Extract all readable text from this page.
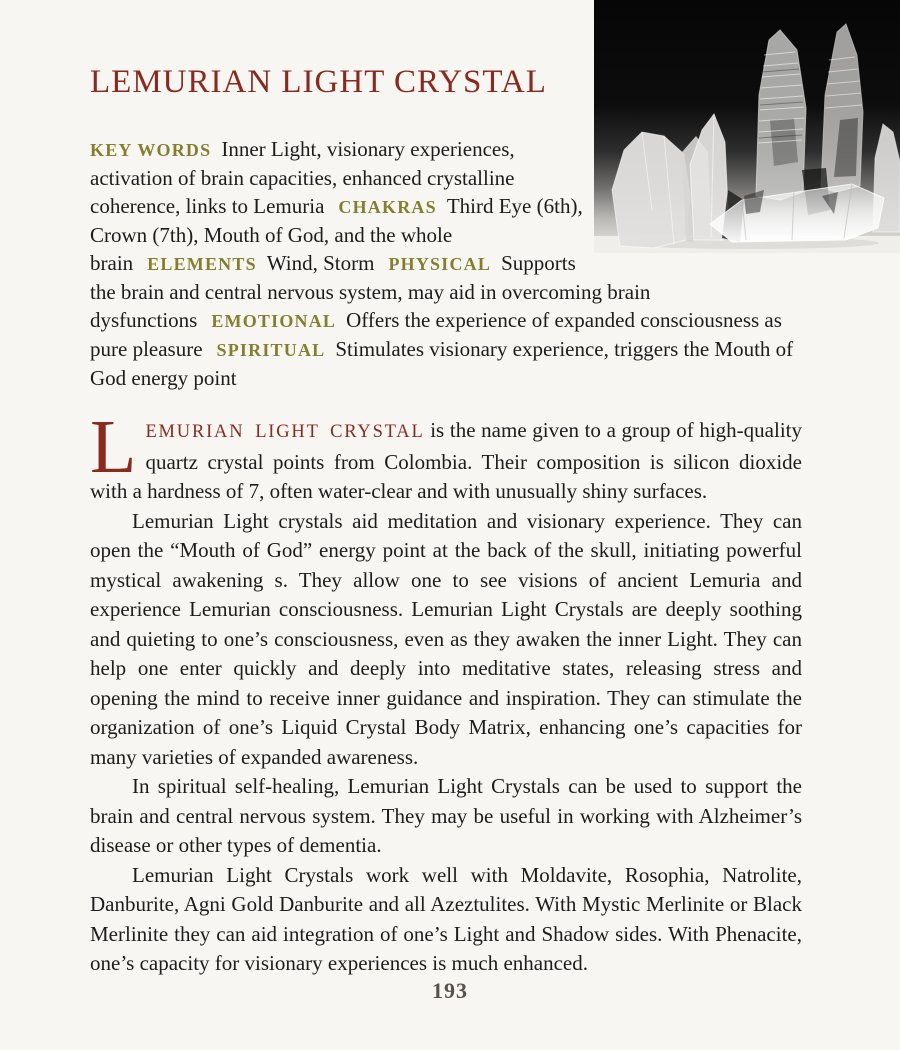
LEMURIAN LIGHT CRYSTAL
KEY WORDS Inner Light, visionary experiences, activation of brain capacities, enhanced crystalline coherence, links to Lemuria CHAKRAS Third Eye (6th), Crown (7th), Mouth of God, and the whole brain ELEMENTS Wind, Storm PHYSICAL Supports the brain and central nervous system, may aid in overcoming brain dysfunctions EMOTIONAL Offers the experience of expanded consciousness as pure pleasure SPIRITUAL Stimulates visionary experience, triggers the Mouth of God energy point

LEMURIAN LIGHT CRYSTAL is the name given to a group of high-quality quartz crystal points from Colombia. Their composition is silicon dioxide with a hardness of 7, often water-clear and with unusually shiny surfaces.

Lemurian Light crystals aid meditation and visionary experience. They can open the “Mouth of God” energy point at the back of the skull, initiating powerful mystical awakening s. They allow one to see visions of ancient Lemuria and experience Lemurian consciousness. Lemurian Light Crystals are deeply soothing and quieting to one’s consciousness, even as they awaken the inner Light. They can help one enter quickly and deeply into meditative states, releasing stress and opening the mind to receive inner guidance and inspiration. They can stimulate the organization of one’s Liquid Crystal Body Matrix, enhancing one’s capacities for many varieties of expanded awareness.

In spiritual self-healing, Lemurian Light Crystals can be used to support the brain and central nervous system. They may be useful in working with Alzheimer’s disease or other types of dementia.

Lemurian Light Crystals work well with Moldavite, Rosophia, Natrolite, Danburite, Agni Gold Danburite and all Azeztulites. With Mystic Merlinite or Black Merlinite they can aid integration of one’s Light and Shadow sides. With Phenacite, one’s capacity for visionary experiences is much enhanced.

193
